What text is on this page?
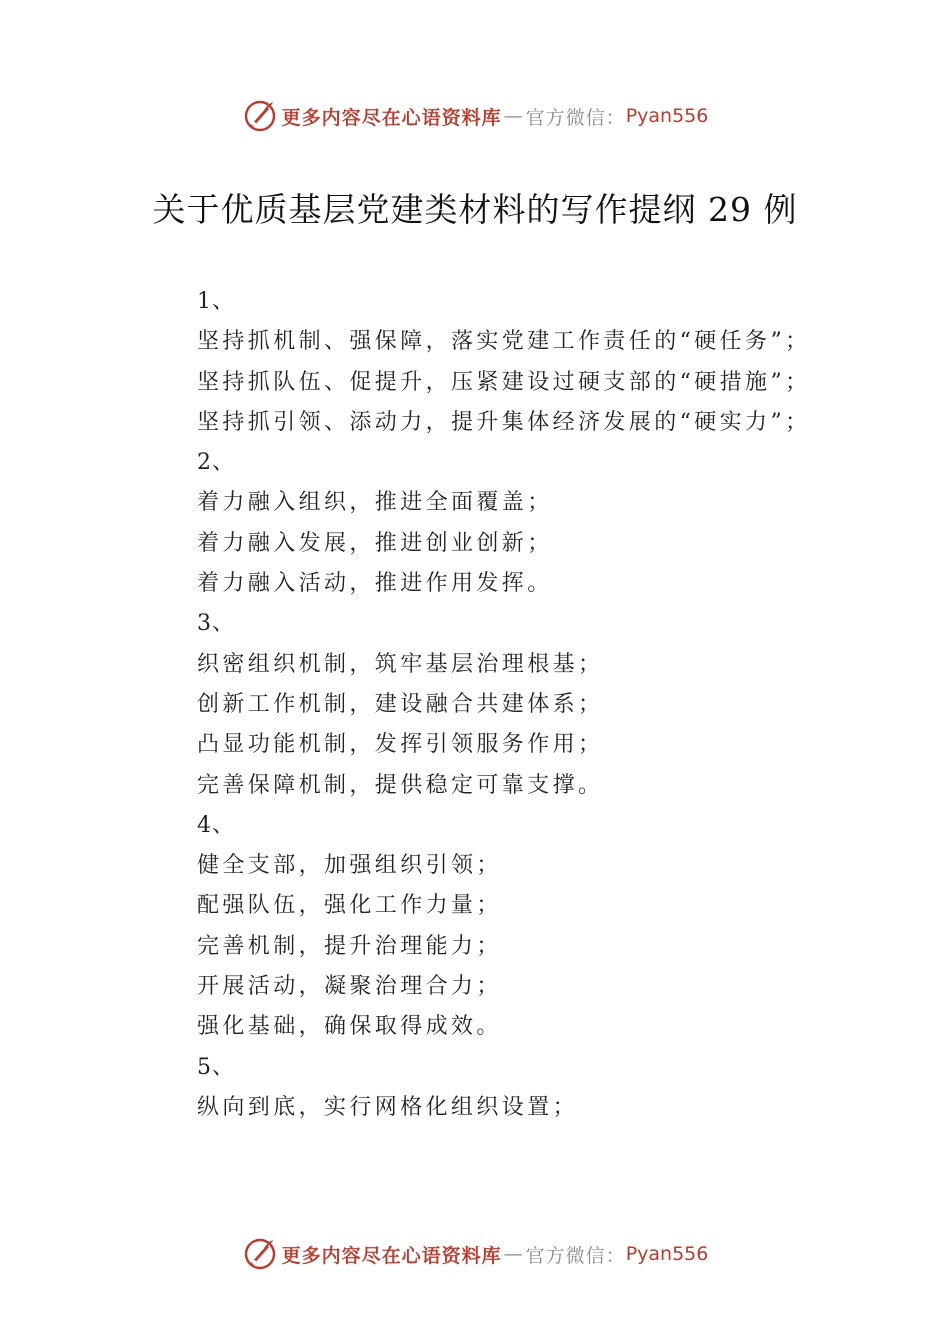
更多内容尽在心语资料库 — 官方微信： Pyan556
关于优质基层党建类材料的写作提纲 29 例
1、
坚持抓机制、强保障，落实党建工作责任的“硬任务”；
坚持抓队伍、促提升，压紧建设过硬支部的“硬措施”；
坚持抓引领、添动力，提升集体经济发展的“硬实力”；
2、
着力融入组织，推进全面覆盖；
着力融入发展，推进创业创新；
着力融入活动，推进作用发挥。
3、
织密组织机制，筑牢基层治理根基；
创新工作机制，建设融合共建体系；
凸显功能机制，发挥引领服务作用；
完善保障机制，提供稳定可靠支撑。
4、
健全支部，加强组织引领；
配强队伍，强化工作力量；
完善机制，提升治理能力；
开展活动，凝聚治理合力；
强化基础，确保取得成效。
5、
纵向到底，实行网格化组织设置；
更多内容尽在心语资料库 — 官方微信： Pyan556
